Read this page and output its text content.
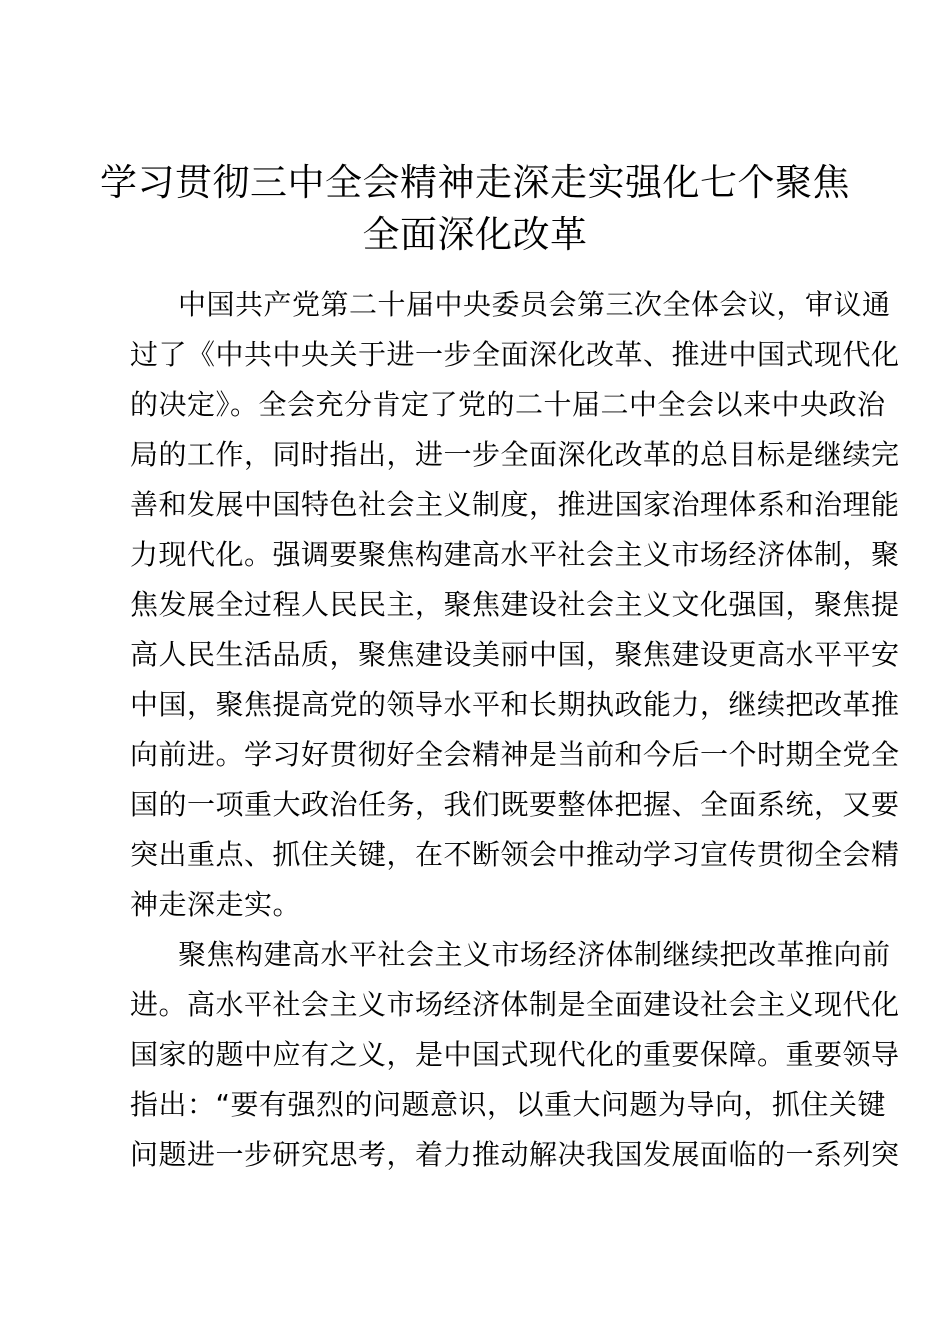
学习贯彻三中全会精神走深走实强化七个聚焦
全面深化改革

中国共产党第二十届中央委员会第三次全体会议，审议通

过了《中共中央关于进一步全面深化改革、推进中国式现代化

的决定》。全会充分肯定了党的二十届二中全会以来中央政治

局的工作，同时指出，进一步全面深化改革的总目标是继续完

善和发展中国特色社会主义制度，推进国家治理体系和治理能

力现代化。强调要聚焦构建高水平社会主义市场经济体制，聚

焦发展全过程人民民主，聚焦建设社会主义文化强国，聚焦提

高人民生活品质，聚焦建设美丽中国，聚焦建设更高水平平安

中国，聚焦提高党的领导水平和长期执政能力，继续把改革推

向前进。学习好贯彻好全会精神是当前和今后一个时期全党全

国的一项重大政治任务，我们既要整体把握、全面系统，又要

突出重点、抓住关键，在不断领会中推动学习宣传贯彻全会精

神走深走实。

聚焦构建高水平社会主义市场经济体制继续把改革推向前

进。高水平社会主义市场经济体制是全面建设社会主义现代化

国家的题中应有之义，是中国式现代化的重要保障。重要领导

指出：“要有强烈的问题意识，以重大问题为导向，抓住关键

问题进一步研究思考，着力推动解决我国发展面临的一系列突
